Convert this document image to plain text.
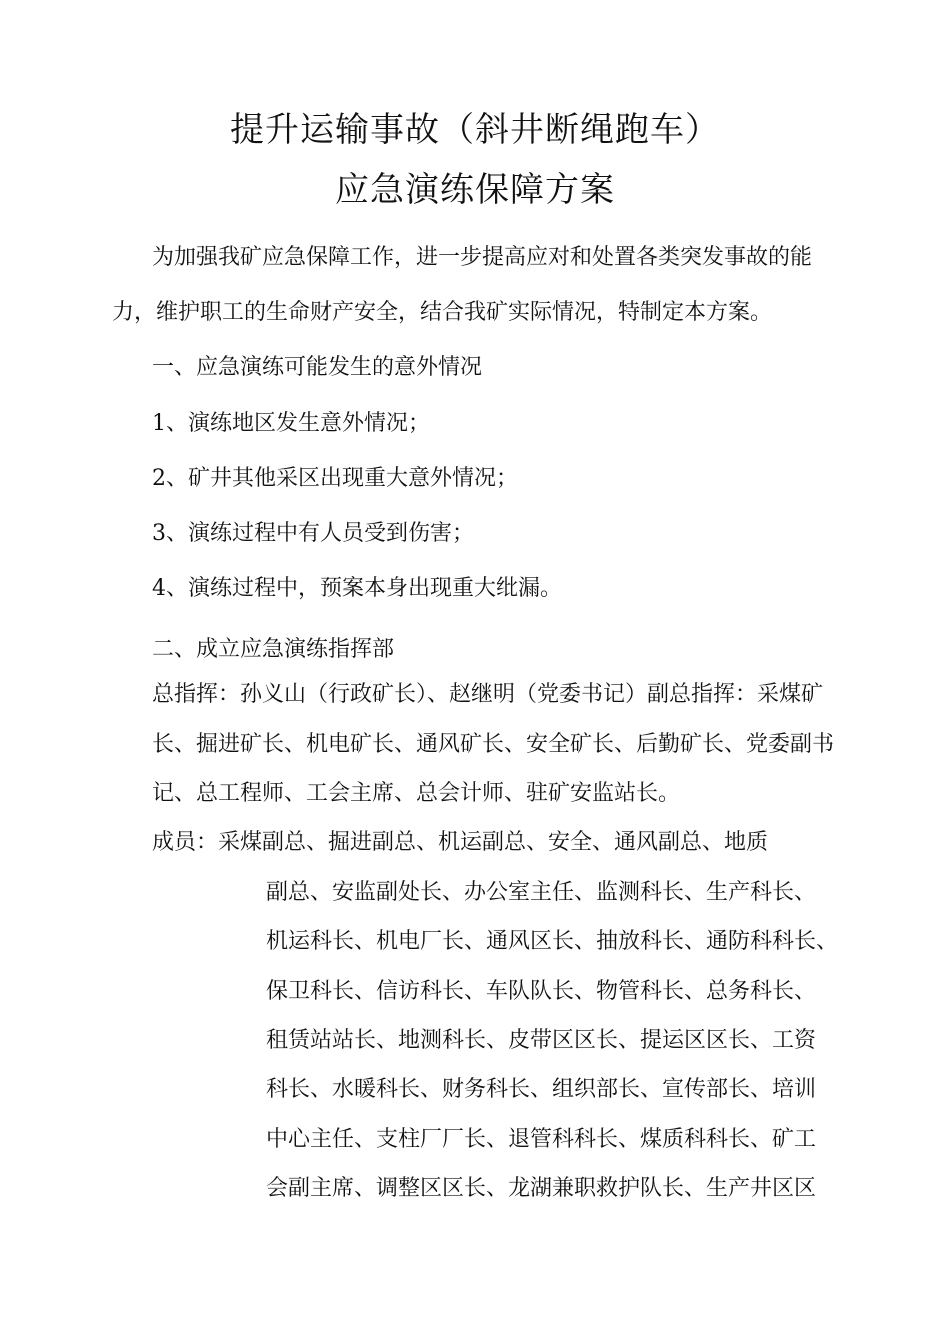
提升运输事故（斜井断绳跑车）
应急演练保障方案
为加强我矿应急保障工作，进一步提高应对和处置各类突发事故的能
力，维护职工的生命财产安全，结合我矿实际情况，特制定本方案。
一、应急演练可能发生的意外情况
1、演练地区发生意外情况；
2、矿井其他采区出现重大意外情况；
3、演练过程中有人员受到伤害；
4、演练过程中，预案本身出现重大纰漏。
二、成立应急演练指挥部
总指挥：孙义山（行政矿长）、赵继明（党委书记）副总指挥：采煤矿
长、掘进矿长、机电矿长、通风矿长、安全矿长、后勤矿长、党委副书
记、总工程师、工会主席、总会计师、驻矿安监站长。
成员：采煤副总、掘进副总、机运副总、安全、通风副总、地质
副总、安监副处长、办公室主任、监测科长、生产科长、
机运科长、机电厂长、通风区长、抽放科长、通防科科长、
保卫科长、信访科长、车队队长、物管科长、总务科长、
租赁站站长、地测科长、皮带区区长、提运区区长、工资
科长、水暖科长、财务科长、组织部长、宣传部长、培训
中心主任、支柱厂厂长、退管科科长、煤质科科长、矿工
会副主席、调整区区长、龙湖兼职救护队长、生产井区区
